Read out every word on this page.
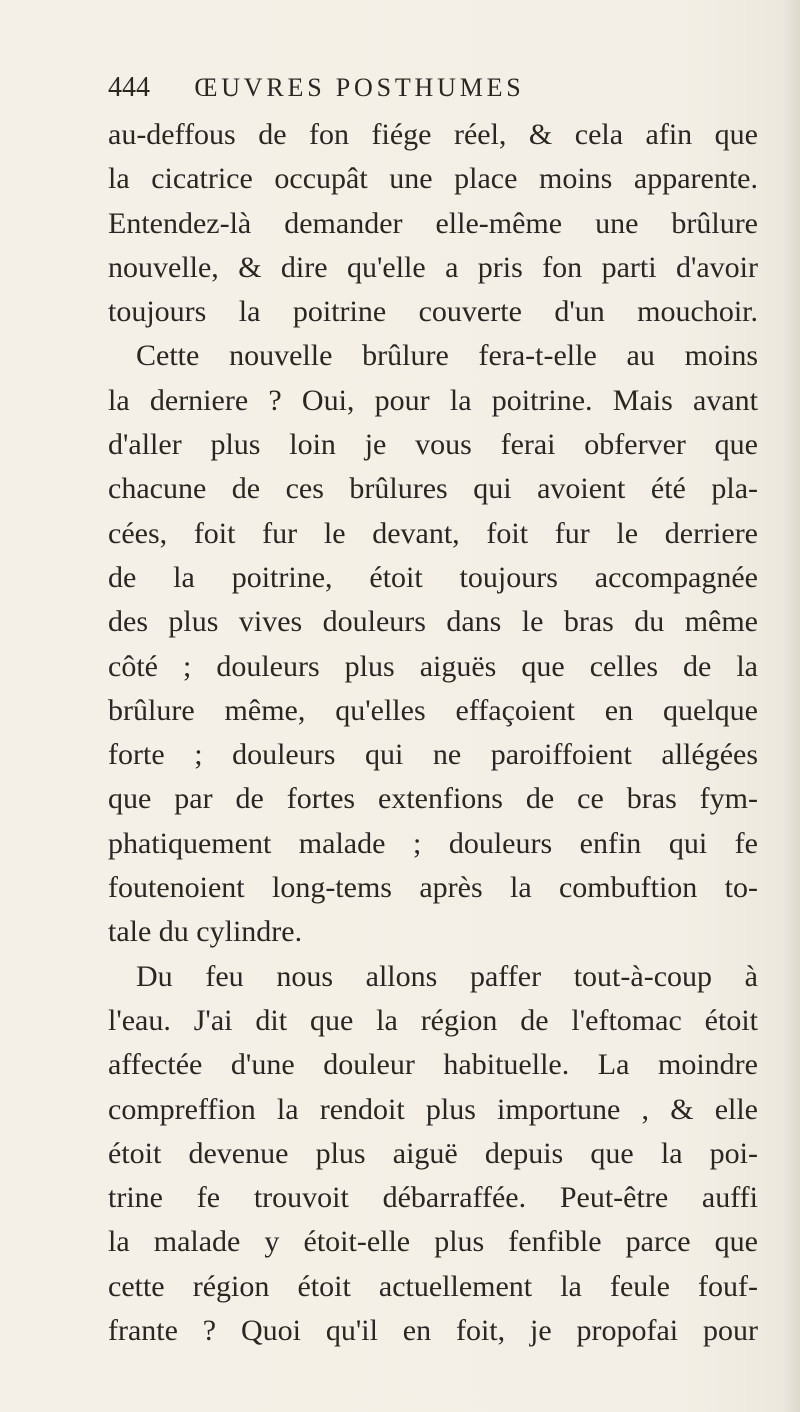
444 ŒUVRES POSTHUMES
au-deffous de fon fiége réel, & cela afin que
la cicatrice occupât une place moins apparente.
Entendez-là demander elle-même une brûlure
nouvelle, & dire qu'elle a pris fon parti d'avoir
toujours la poitrine couverte d'un mouchoir.
Cette nouvelle brûlure fera-t-elle au moins
la derniere ? Oui, pour la poitrine. Mais avant
d'aller plus loin je vous ferai obferver que
chacune de ces brûlures qui avoient été pla-
cées, foit fur le devant, foit fur le derriere
de la poitrine, étoit toujours accompagnée
des plus vives douleurs dans le bras du même
côté ; douleurs plus aiguës que celles de la
brûlure même, qu'elles effaçoient en quelque
forte ; douleurs qui ne paroiffoient allégées
que par de fortes extenfions de ce bras fym-
phatiquement malade ; douleurs enfin qui fe
foutenoient long-tems après la combuftion to-
tale du cylindre.
Du feu nous allons paffer tout-à-coup à
l'eau. J'ai dit que la région de l'eftomac étoit
affectée d'une douleur habituelle. La moindre
compreffion la rendoit plus importune , & elle
étoit devenue plus aiguë depuis que la poi-
trine fe trouvoit débarraffée. Peut-être auffi
la malade y étoit-elle plus fenfible parce que
cette région étoit actuellement la feule fouf-
frante ? Quoi qu'il en foit, je propofai pour
